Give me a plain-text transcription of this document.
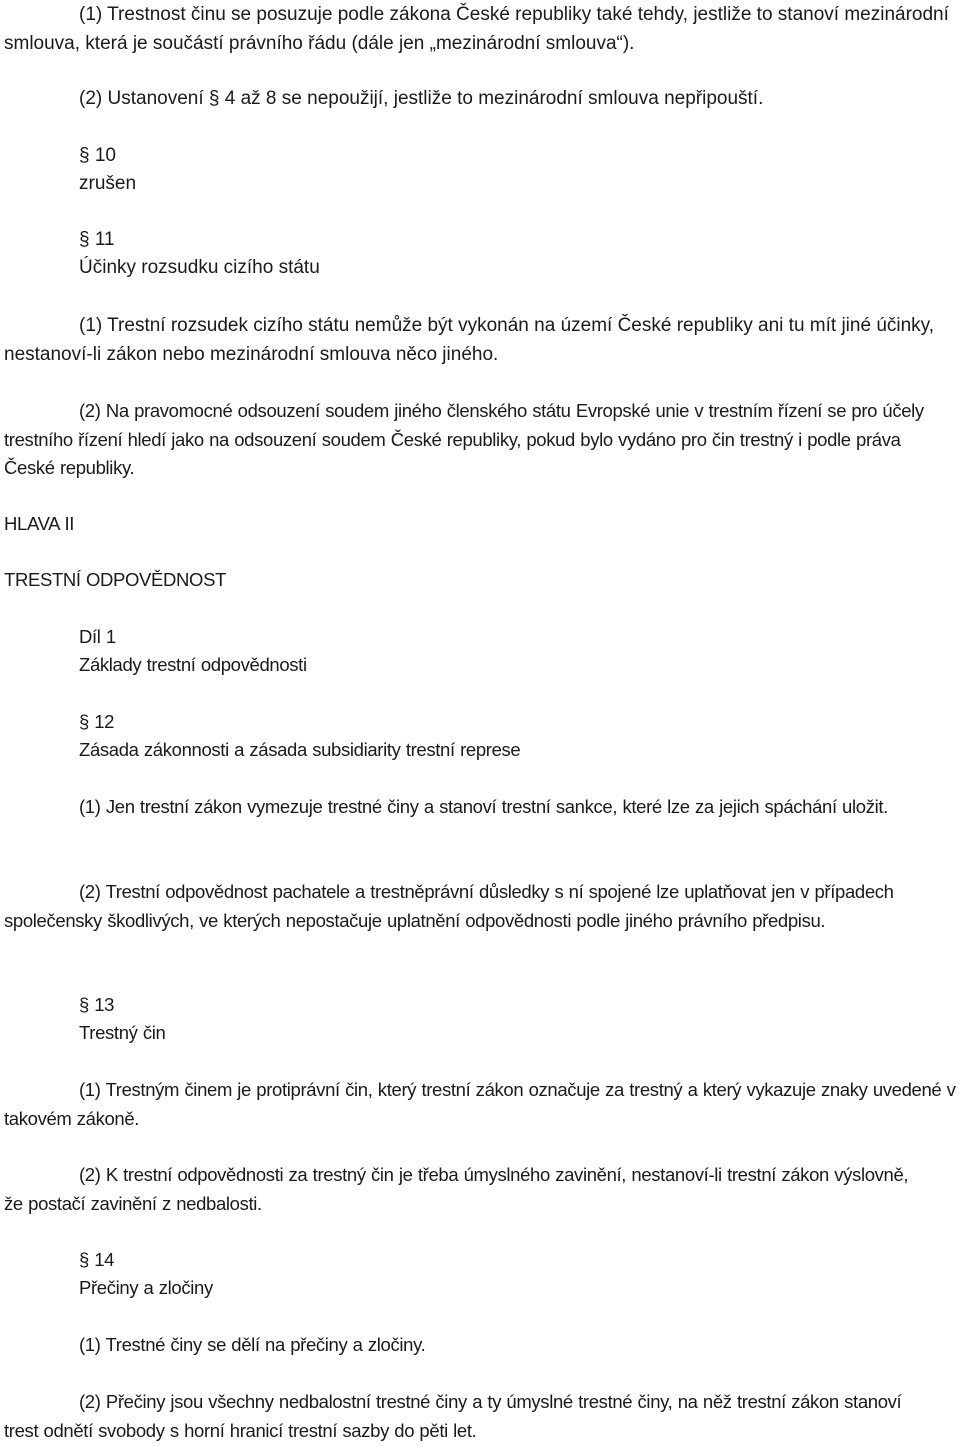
(1) Trestnost činu se posuzuje podle zákona České republiky také tehdy, jestliže to stanoví mezinárodní smlouva, která je součástí právního řádu (dále jen „mezinárodní smlouva“).
(2) Ustanovení § 4 až 8 se nepoužijí, jestliže to mezinárodní smlouva nepřipouští.
§ 10
zrušen
§ 11
Účinky rozsudku cizího státu
(1) Trestní rozsudek cizího státu nemůže být vykonán na území České republiky ani tu mít jiné účinky, nestanoví-li zákon nebo mezinárodní smlouva něco jiného.
(2) Na pravomocné odsouzení soudem jiného členského státu Evropské unie v trestním řízení se pro účely trestního řízení hledí jako na odsouzení soudem České republiky, pokud bylo vydáno pro čin trestný i podle práva České republiky.
HLAVA II
TRESTNÍ ODPOVĚDNOST
Díl 1
Základy trestní odpovědnosti
§ 12
Zásada zákonnosti a zásada subsidiarity trestní represe
(1) Jen trestní zákon vymezuje trestné činy a stanoví trestní sankce, které lze za jejich spáchání uložit.
(2) Trestní odpovědnost pachatele a trestněprávní důsledky s ní spojené lze uplatňovat jen v případech společensky škodlivých, ve kterých nepostačuje uplatnění odpovědnosti podle jiného právního předpisu.
§ 13
Trestný čin
(1) Trestným činem je protiprávní čin, který trestní zákon označuje za trestný a který vykazuje znaky uvedené v takovém zákoně.
(2) K trestní odpovědnosti za trestný čin je třeba úmyslného zavinění, nestanoví-li trestní zákon výslovně, že postačí zavinění z nedbalosti.
§ 14
Přečiny a zločiny
(1) Trestné činy se dělí na přečiny a zločiny.
(2) Přečiny jsou všechny nedbalostní trestné činy a ty úmyslné trestné činy, na něž trestní zákon stanoví trest odnětí svobody s horní hranicí trestní sazby do pěti let.
